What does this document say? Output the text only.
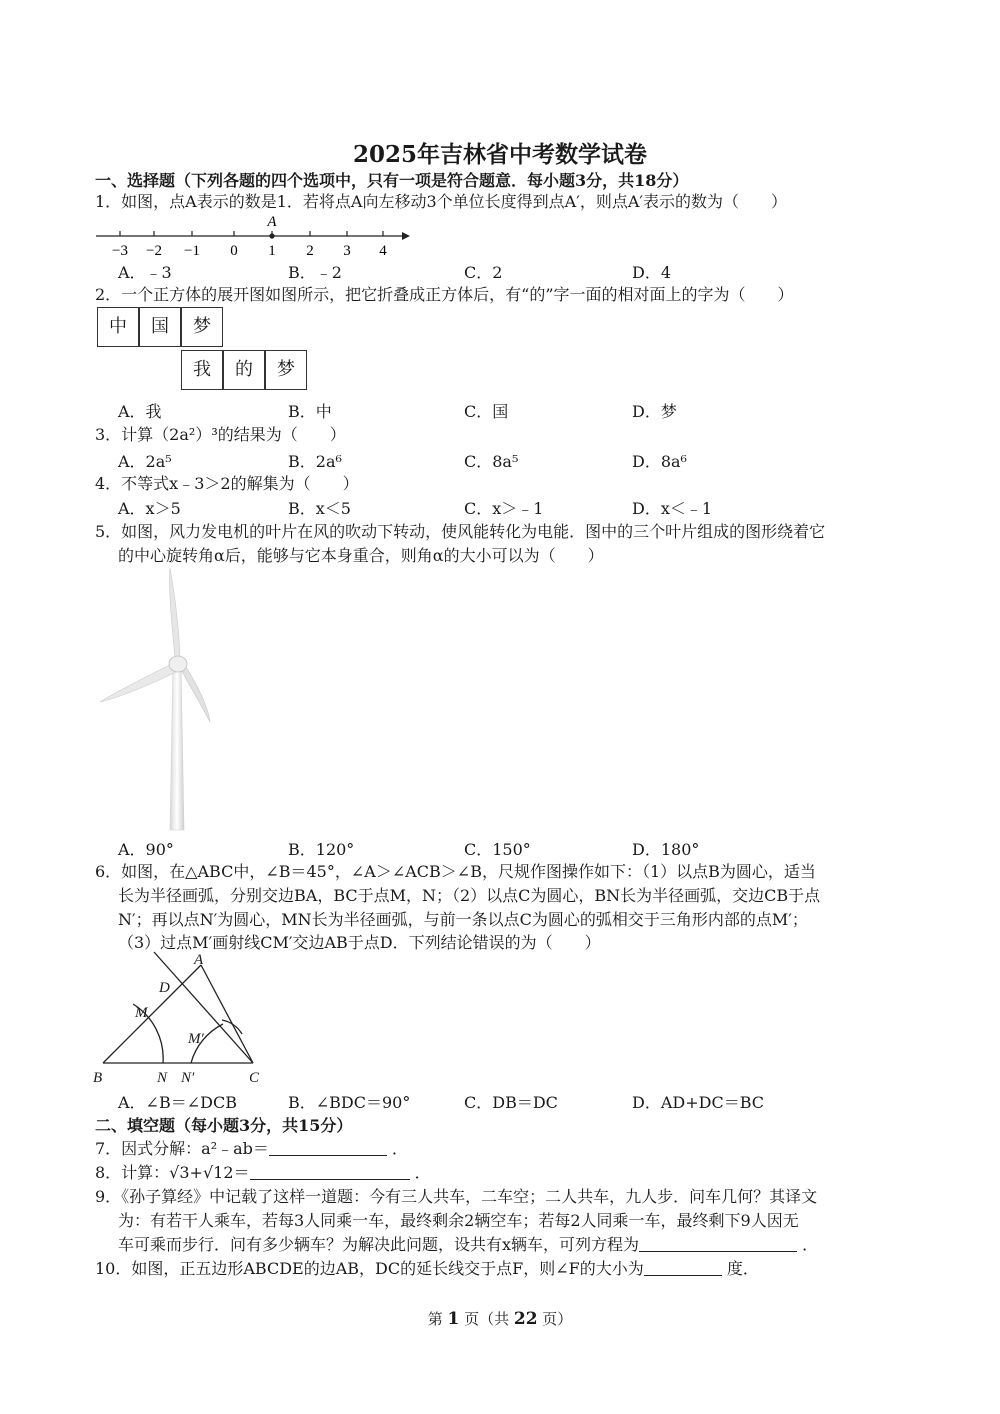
2025年吉林省中考数学试卷
一、选择题（下列各题的四个选项中，只有一项是符合题意．每小题3分，共18分）
1．如图，点A表示的数是1．若将点A向左移动3个单位长度得到点A′，则点A′表示的数为（　　）
A
−3 −2 −1 0 1 2 3 4
A．﹣3	B．﹣2	C．2	D．4
2．一个正方体的展开图如图所示，把它折叠成正方体后，有“的”字一面的相对面上的字为（　　）
中	国	梦
我	的	梦
A．我	B．中	C．国	D．梦
3．计算（2a²）³的结果为（　　）
A．2a⁵	B．2a⁶	C．8a⁵	D．8a⁶
4．不等式x﹣3＞2的解集为（　　）
A．x＞5	B．x＜5	C．x＞﹣1	D．x＜﹣1
5．如图，风力发电机的叶片在风的吹动下转动，使风能转化为电能．图中的三个叶片组成的图形绕着它
的中心旋转角α后，能够与它本身重合，则角α的大小可以为（　　）
A．90°	B．120°	C．150°	D．180°
6．如图，在△ABC中，∠B＝45°，∠A＞∠ACB＞∠B，尺规作图操作如下：（1）以点B为圆心，适当
长为半径画弧，分别交边BA，BC于点M，N；（2）以点C为圆心，BN长为半径画弧，交边CB于点
N′；再以点N′为圆心，MN长为半径画弧，与前一条以点C为圆心的弧相交于三角形内部的点M′；
（3）过点M′画射线CM′交边AB于点D．下列结论错误的为（　　）
A
B	C
D
M
M′
N N′
A．∠B＝∠DCB	B．∠BDC＝90°	C．DB＝DC	D．AD+DC＝BC
二、填空题（每小题3分，共15分）
7．因式分解：a²﹣ab＝	．
8．计算：√3+√12＝	．
9．《孙子算经》中记载了这样一道题：今有三人共车，二车空；二人共车，九人步．问车几何？其译文
为：有若干人乘车，若每3人同乘一车，最终剩余2辆空车；若每2人同乘一车，最终剩下9人因无
车可乘而步行．问有多少辆车？为解决此问题，设共有x辆车，可列方程为	．
10．如图，正五边形ABCDE的边AB，DC的延长线交于点F，则∠F的大小为	度．
第 1 页（共 22 页）
